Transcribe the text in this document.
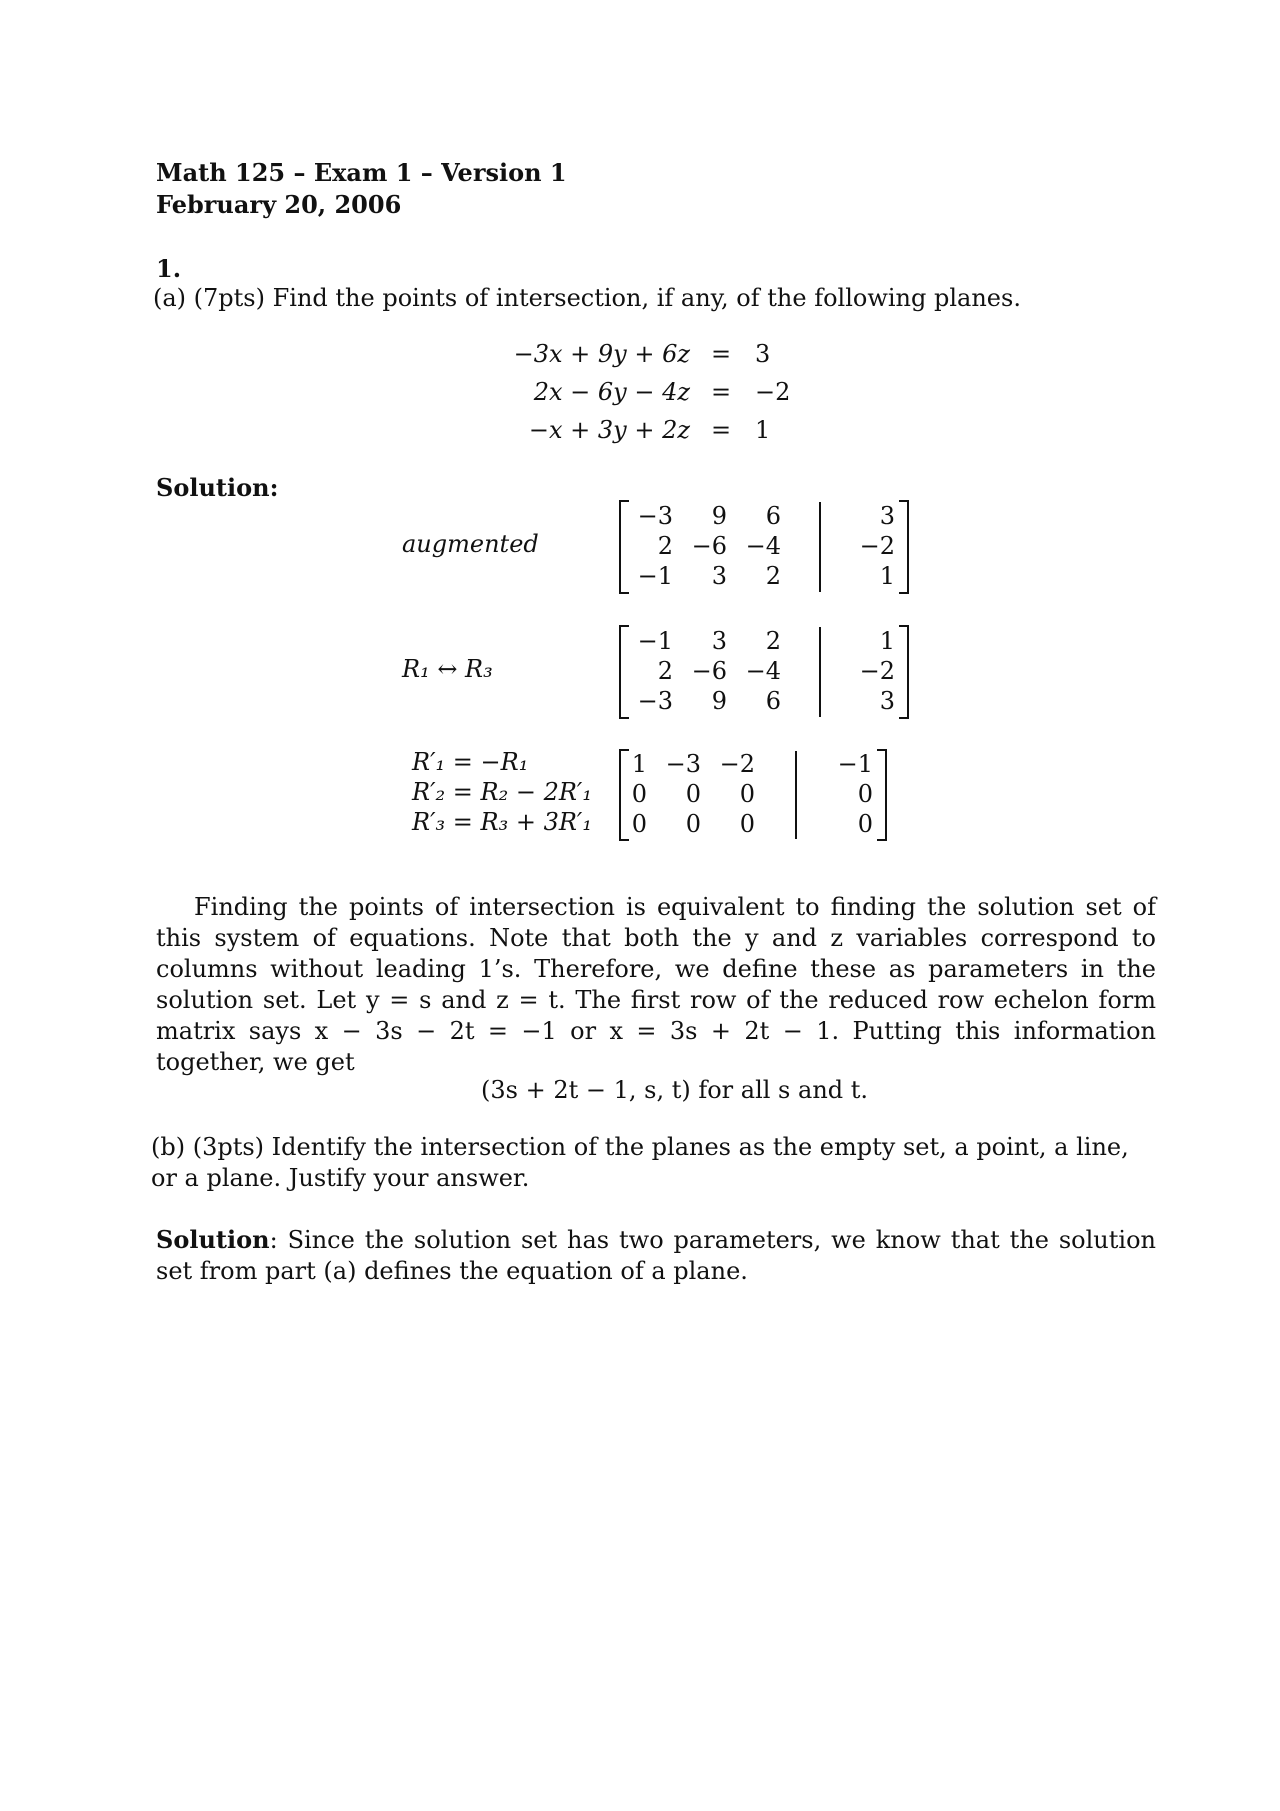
Math 125 – Exam 1 – Version 1
February 20, 2006
1.
(a) (7pts) Find the points of intersection, if any, of the following planes.
−3x + 9y + 6z = 3
2x − 6y − 4z = −2
−x + 3y + 2z = 1
Solution:
augmented
−3	9	6	3
2 −6 −4	−2
−1	3	2	1
R₁ ↔ R₃
−1	3	2	1
2 −6 −4	−2
−3	9	6	3
R′₁ = −R₁
R′₂ = R₂ − 2R′₁
R′₃ = R₃ + 3R′₁
1 −3 −2	−1
0	0	0	0
0	0	0	0
Finding the points of intersection is equivalent to finding the solution set of this system of equations. Note that both the y and z variables correspond to columns without leading 1’s. Therefore, we define these as parameters in the solution set. Let y = s and z = t. The first row of the reduced row echelon form matrix says x − 3s − 2t = −1 or x = 3s + 2t − 1. Putting this information together, we get
(3s + 2t − 1, s, t) for all s and t.
(b) (3pts) Identify the intersection of the planes as the empty set, a point, a line, or a plane. Justify your answer.
Solution: Since the solution set has two parameters, we know that the solution set from part (a) defines the equation of a plane.
